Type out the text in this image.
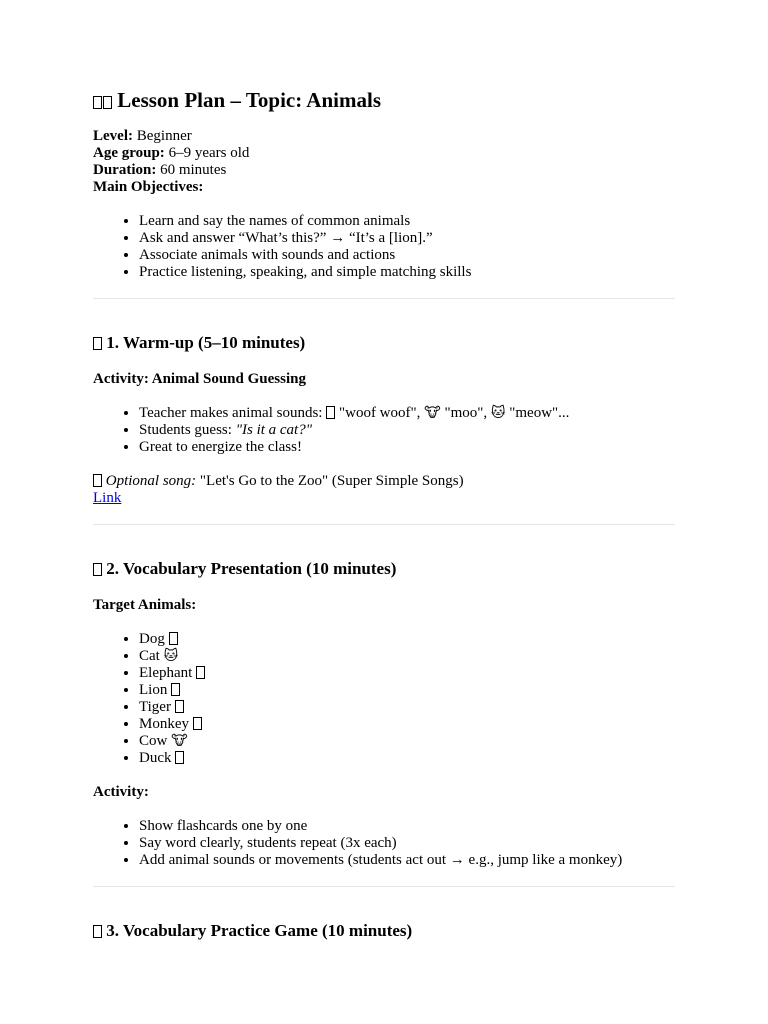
Lesson Plan – Topic: Animals
Level: Beginner
Age group: 6–9 years old
Duration: 60 minutes
Main Objectives:
• Learn and say the names of common animals
• Ask and answer “What’s this?” → “It’s a [lion].”
• Associate animals with sounds and actions
• Practice listening, speaking, and simple matching skills
1. Warm-up (5–10 minutes)
Activity: Animal Sound Guessing
• Teacher makes animal sounds:  "woof woof", 🐮 "moo", 🐱 "meow"...
• Students guess: "Is it a cat?"
• Great to energize the class!
Optional song: "Let's Go to the Zoo" (Super Simple Songs)
Link
2. Vocabulary Presentation (10 minutes)
Target Animals:
• Dog
• Cat 🐱
• Elephant
• Lion
• Tiger
• Monkey
• Cow 🐮
• Duck
Activity:
• Show flashcards one by one
• Say word clearly, students repeat (3x each)
• Add animal sounds or movements (students act out → e.g., jump like a monkey)
3. Vocabulary Practice Game (10 minutes)
